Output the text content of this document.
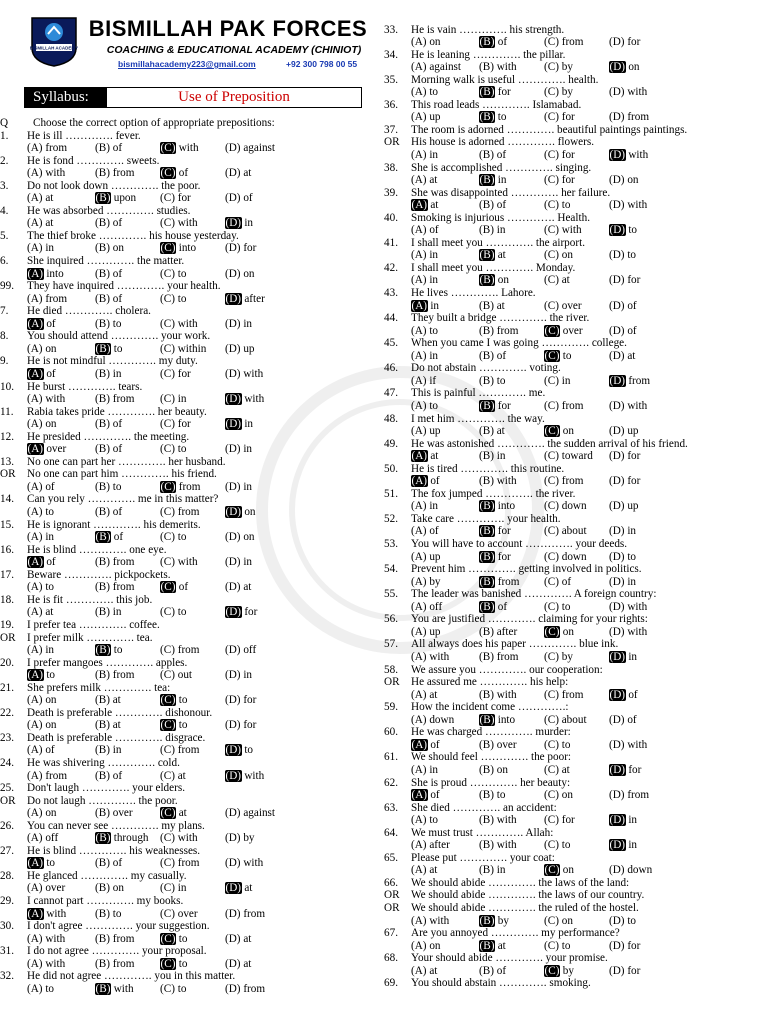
BISMILLAH ACADEMY
BISMILLAH PAK FORCES
COACHING & EDUCATIONAL ACADEMY (CHINIOT)
bismillahacademy223@gmail.com	+92 300 798 00 55
Syllabus:	Use of Preposition
Q	Choose the correct option of appropriate prepositions:
1.	He is ill …………. fever.
(A) from (B) of	(C) with (D) against
2.	He is fond …………. sweets.
(A) with	(B) from (C) of	(D) at
3.	Do not look down …………. the poor.
(A) at	(B) upon (C) for	(D) of
4.	He was absorbed …………. studies.
(A) at	(B) of	(C) with (D) in
5.	The thief broke …………. his house yesterday.
(A) in	(B) on	(C) into	(D) for
6.	She inquired …………. the matter.
(A) into	(B) of	(C) to	(D) on
99.	They have inquired …………. your health.
(A) from (B) of	(C) to	(D) after
7.	He died …………. cholera.
(A) of	(B) to	(C) with (D) in
8.	You should attend …………. your work.
(A) on	(B) to	(C) within (D) up
9.	He is not mindful …………. my duty.
(A) of	(B) in	(C) for	(D) with
10.	He burst …………. tears.
(A) with	(B) from (C) in	(D) with
11.	Rabia takes pride …………. her beauty.
(A) on	(B) of	(C) for	(D) in
12.	He presided …………. the meeting.
(A) over	(B) of	(C) to	(D) in
13.	No one can part her …………. her husband.
OR	No one can part him …………. his friend.
(A) of	(B) to	(C) from (D) in
14.	Can you rely …………. me in this matter?
(A) to	(B) of	(C) from (D) on
15.	He is ignorant …………. his demerits.
(A) in	(B) of	(C) to	(D) on
16.	He is blind …………. one eye.
(A) of	(B) from (C) with (D) in
17.	Beware …………. pickpockets.
(A) to	(B) from (C) of	(D) at
18.	He is fit …………. this job.
(A) at	(B) in	(C) to	(D) for
19.	I prefer tea …………. coffee.
OR	I prefer milk …………. tea.
(A) in	(B) to	(C) from (D) off
20.	I prefer mangoes …………. apples.
(A) to	(B) from (C) out	(D) in
21.	She prefers milk …………. tea:
(A) on	(B) at	(C) to	(D) for
22.	Death is preferable …………. dishonour.
(A) on	(B) at	(C) to	(D) for
23.	Death is preferable …………. disgrace.
(A) of	(B) in	(C) from (D) to
24.	He was shivering …………. cold.
(A) from (B) of	(C) at	(D) with
25.	Don't laugh …………. your elders.
OR	Do not laugh …………. the poor.
(A) on	(B) over (C) at	(D) against
26.	You can never see …………. my plans.
(A) off	(B) through (C) with (D) by
27.	He is blind …………. his weaknesses.
(A) to	(B) of	(C) from (D) with
28.	He glanced …………. my casually.
(A) over	(B) on	(C) in	(D) at
29.	I cannot part …………. my books.
(A) with	(B) to	(C) over (D) from
30.	I don't agree …………. your suggestion.
(A) with	(B) from (C) to	(D) at
31.	I do not agree …………. your proposal.
(A) with	(B) from (C) to	(D) at
32.	He did not agree …………. you in this matter.
(A) to	(B) with (C) to	(D) from
33.	He is vain …………. his strength.
(A) on	(B) of	(C) from (D) for
34.	He is leaning …………. the pillar.
(A) against (B) with (C) by	(D) on
35.	Morning walk is useful …………. health.
(A) to	(B) for	(C) by	(D) with
36.	This road leads …………. Islamabad.
(A) up	(B) to	(C) for	(D) from
37.	The room is adorned …………. beautiful paintings paintings.
OR	His house is adorned …………. flowers.
(A) in	(B) of	(C) for	(D) with
38.	She is accomplished …………. singing.
(A) at	(B) in	(C) for	(D) on
39.	She was disappointed …………. her failure.
(A) at	(B) of	(C) to	(D) with
40.	Smoking is injurious …………. Health.
(A) of	(B) in	(C) with (D) to
41.	I shall meet you …………. the airport.
(A) in	(B) at	(C) on	(D) to
42.	I shall meet you …………. Monday.
(A) in	(B) on	(C) at	(D) for
43.	He lives …………. Lahore.
(A) in	(B) at	(C) over (D) of
44.	They built a bridge …………. the river.
(A) to	(B) from (C) over (D) of
45.	When you came I was going …………. college.
(A) in	(B) of	(C) to	(D) at
46.	Do not abstain …………. voting.
(A) if	(B) to	(C) in	(D) from
47.	This is painful …………. me.
(A) to	(B) for	(C) from (D) with
48.	I met him …………. the way.
(A) up	(B) at	(C) on	(D) up
49.	He was astonished …………. the sudden arrival of his friend.
(A) at	(B) in	(C) toward (D) for
50.	He is tired …………. this routine.
(A) of	(B) with (C) from (D) for
51.	The fox jumped …………. the river.
(A) in	(B) into	(C) down (D) up
52.	Take care …………. your health.
(A) of	(B) for	(C) about (D) in
53.	You will have to account …………. your deeds.
(A) up	(B) for	(C) down (D) to
54.	Prevent him …………. getting involved in politics.
(A) by	(B) from (C) of	(D) in
55.	The leader was banished …………. A foreign country:
(A) off	(B) of	(C) to	(D) with
56.	You are justified …………. claiming for your rights:
(A) up	(B) after (C) on	(D) with
57.	All always does his paper …………. blue ink.
(A) with	(B) from (C) by	(D) in
58.	We assure you …………. our cooperation:
OR	He assured me …………. his help:
(A) at	(B) with (C) from (D) of
59.	How the incident come ………….:
(A) down (B) into	(C) about (D) of
60.	He was charged …………. murder:
(A) of	(B) over (C) to	(D) with
61.	We should feel …………. the poor:
(A) in	(B) on	(C) at	(D) for
62.	She is proud …………. her beauty:
(A) of	(B) to	(C) on	(D) from
63.	She died …………. an accident:
(A) to	(B) with (C) for	(D) in
64.	We must trust …………. Allah:
(A) after	(B) with (C) to	(D) in
65.	Please put …………. your coat:
(A) at	(B) in	(C) on	(D) down
66.	We should abide …………. the laws of the land:
OR	We should abide …………. the laws of our country.
OR	We should abide …………. the ruled of the hostel.
(A) with	(B) by	(C) on	(D) to
67.	Are you annoyed …………. my performance?
(A) on	(B) at	(C) to	(D) for
68.	Your should abide …………. your promise.
(A) at	(B) of	(C) by	(D) for
69.	You should abstain …………. smoking.
